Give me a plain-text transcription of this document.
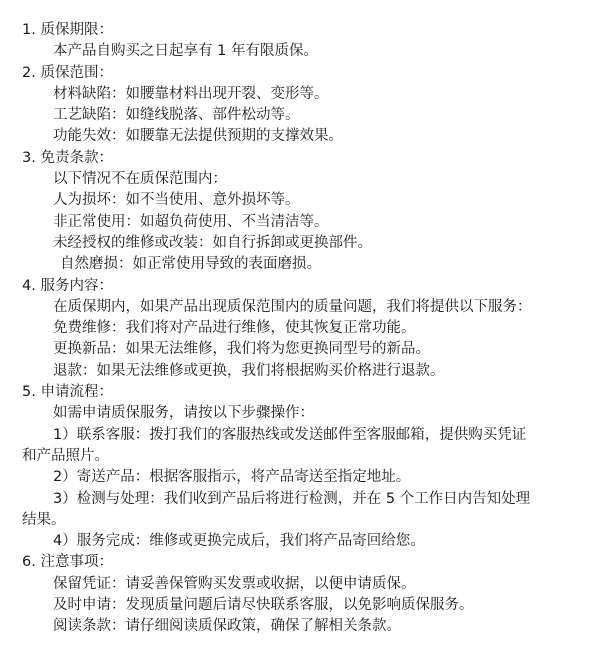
1. 质保期限：

本产品自购买之日起享有 1 年有限质保。

2. 质保范围：

材料缺陷：如腰靠材料出现开裂、变形等。

工艺缺陷：如缝线脱落、部件松动等。

功能失效：如腰靠无法提供预期的支撑效果。

3. 免责条款：

以下情况不在质保范围内：

人为损坏：如不当使用、意外损坏等。

非正常使用：如超负荷使用、不当清洁等。

未经授权的维修或改装：如自行拆卸或更换部件。

自然磨损：如正常使用导致的表面磨损。

4. 服务内容：

在质保期内，如果产品出现质保范围内的质量问题，我们将提供以下服务：

免费维修：我们将对产品进行维修，使其恢复正常功能。

更换新品：如果无法维修，我们将为您更换同型号的新品。

退款：如果无法维修或更换，我们将根据购买价格进行退款。

5. 申请流程：

如需申请质保服务，请按以下步骤操作：

1）联系客服：拨打我们的客服热线或发送邮件至客服邮箱，提供购买凭证

和产品照片。

2）寄送产品：根据客服指示，将产品寄送至指定地址。

3）检测与处理：我们收到产品后将进行检测，并在 5 个工作日内告知处理

结果。

4）服务完成：维修或更换完成后，我们将产品寄回给您。

6. 注意事项：

保留凭证：请妥善保管购买发票或收据，以便申请质保。

及时申请：发现质量问题后请尽快联系客服，以免影响质保服务。

阅读条款：请仔细阅读质保政策，确保了解相关条款。
